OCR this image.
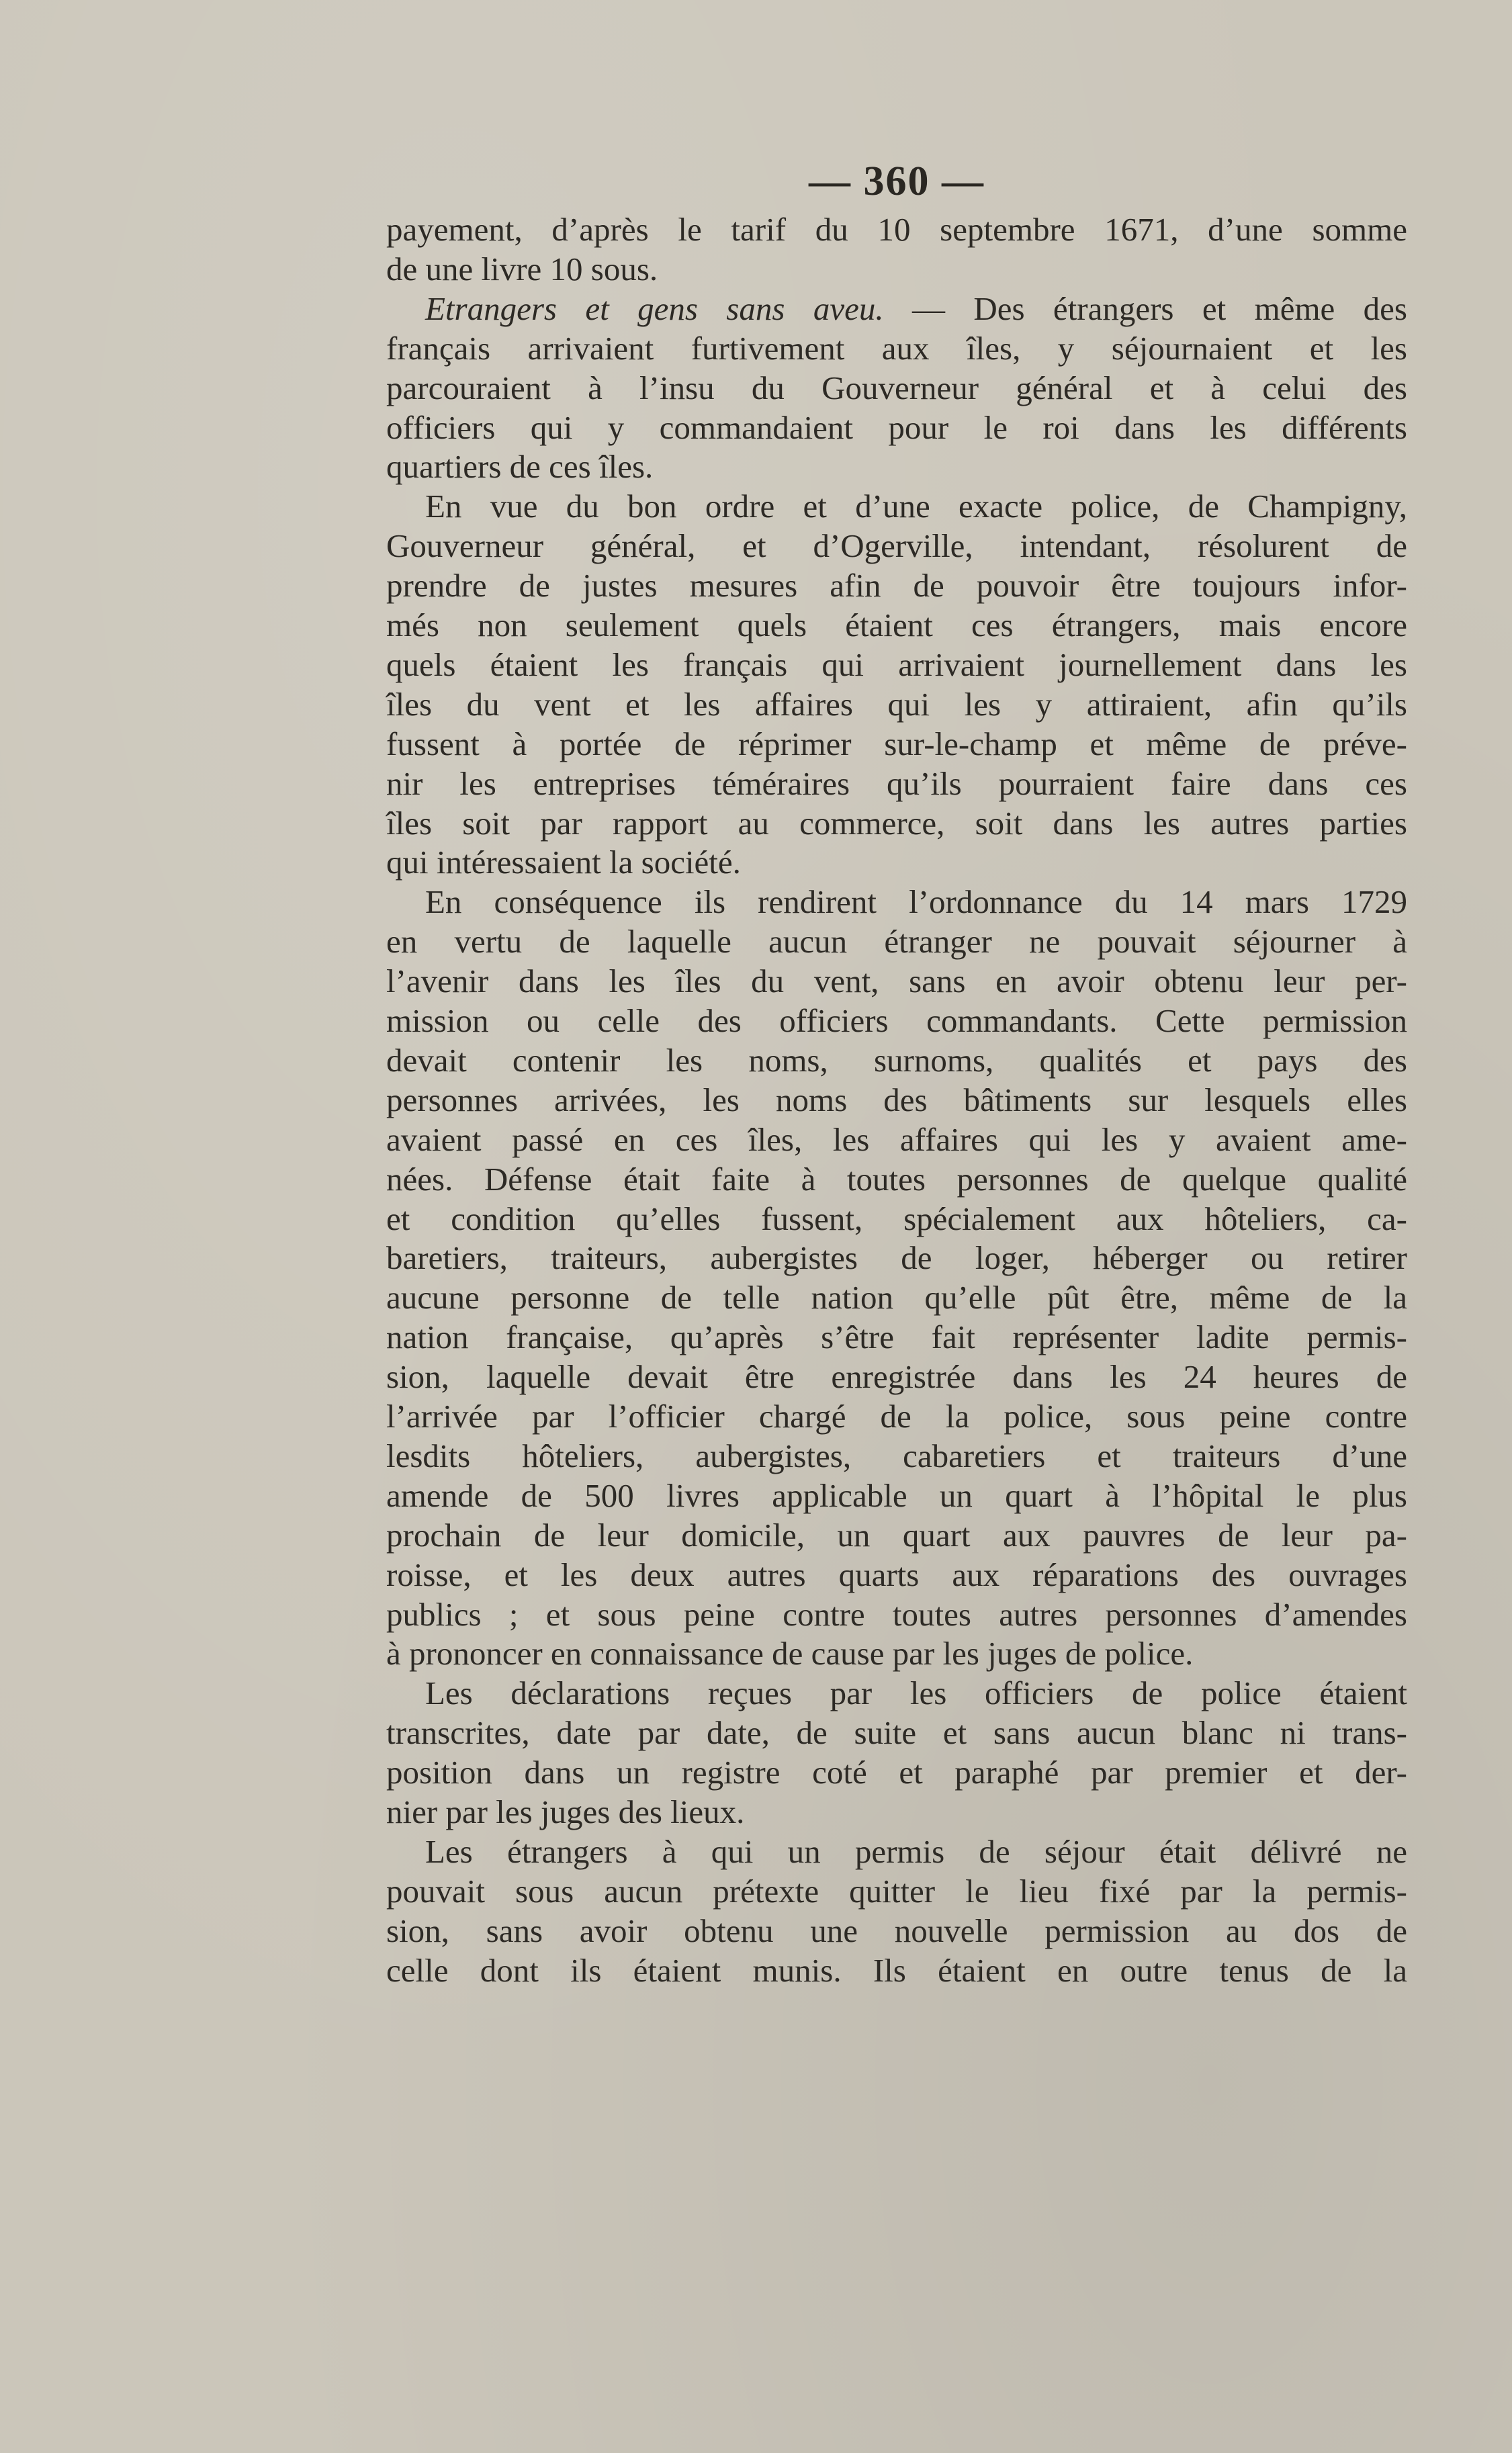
— 360 —
payement, d’après le tarif du 10 septembre 1671, d’une somme
de une livre 10 sous.
Etrangers et gens sans aveu. — Des étrangers et même des
français arrivaient furtivement aux îles, y séjournaient et les
parcouraient à l’insu du Gouverneur général et à celui des
officiers qui y commandaient pour le roi dans les différents
quartiers de ces îles.
En vue du bon ordre et d’une exacte police, de Champigny,
Gouverneur général, et d’Ogerville, intendant, résolurent de
prendre de justes mesures afin de pouvoir être toujours infor-
més non seulement quels étaient ces étrangers, mais encore
quels étaient les français qui arrivaient journellement dans les
îles du vent et les affaires qui les y attiraient, afin qu’ils
fussent à portée de réprimer sur-le-champ et même de préve-
nir les entreprises téméraires qu’ils pourraient faire dans ces
îles soit par rapport au commerce, soit dans les autres parties
qui intéressaient la société.
En conséquence ils rendirent l’ordonnance du 14 mars 1729
en vertu de laquelle aucun étranger ne pouvait séjourner à
l’avenir dans les îles du vent, sans en avoir obtenu leur per-
mission ou celle des officiers commandants. Cette permission
devait contenir les noms, surnoms, qualités et pays des
personnes arrivées, les noms des bâtiments sur lesquels elles
avaient passé en ces îles, les affaires qui les y avaient ame-
nées. Défense était faite à toutes personnes de quelque qualité
et condition qu’elles fussent, spécialement aux hôteliers, ca-
baretiers, traiteurs, aubergistes de loger, héberger ou retirer
aucune personne de telle nation qu’elle pût être, même de la
nation française, qu’après s’être fait représenter ladite permis-
sion, laquelle devait être enregistrée dans les 24 heures de
l’arrivée par l’officier chargé de la police, sous peine contre
lesdits hôteliers, aubergistes, cabaretiers et traiteurs d’une
amende de 500 livres applicable un quart à l’hôpital le plus
prochain de leur domicile, un quart aux pauvres de leur pa-
roisse, et les deux autres quarts aux réparations des ouvrages
publics ; et sous peine contre toutes autres personnes d’amendes
à prononcer en connaissance de cause par les juges de police.
Les déclarations reçues par les officiers de police étaient
transcrites, date par date, de suite et sans aucun blanc ni trans-
position dans un registre coté et paraphé par premier et der-
nier par les juges des lieux.
Les étrangers à qui un permis de séjour était délivré ne
pouvait sous aucun prétexte quitter le lieu fixé par la permis-
sion, sans avoir obtenu une nouvelle permission au dos de
celle dont ils étaient munis. Ils étaient en outre tenus de la
